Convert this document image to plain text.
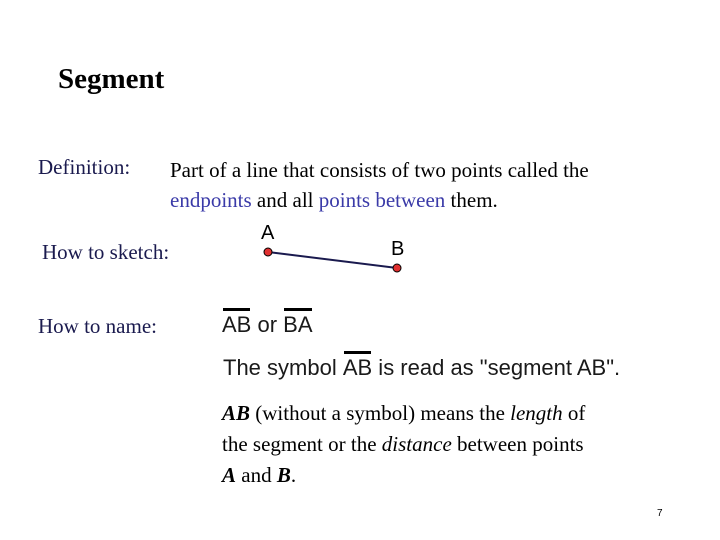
Segment
Definition: Part of a line that consists of two points called the
endpoints and all points between them.
How to sketch:
A
B
How to name:	AB or BA
The symbol AB is read as "segment AB".
AB (without a symbol) means the length of
the segment or the distance between points
A and B.
7
